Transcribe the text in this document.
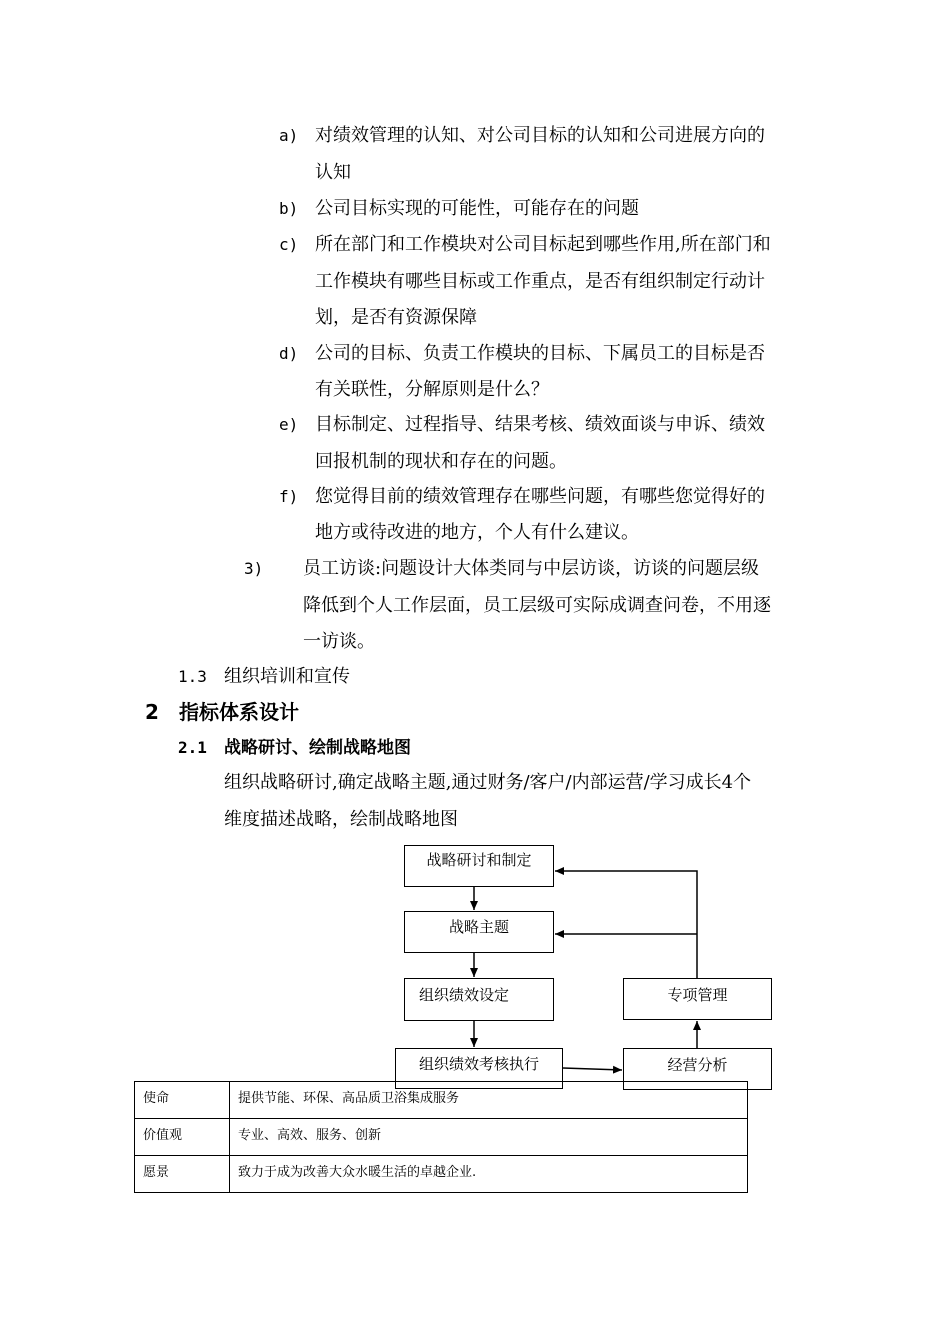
a) 对绩效管理的认知、对公司目标的认知和公司进展方向的
认知
b) 公司目标实现的可能性，可能存在的问题
c) 所在部门和工作模块对公司目标起到哪些作用,所在部门和
工作模块有哪些目标或工作重点，是否有组织制定行动计
划，是否有资源保障
d) 公司的目标、负责工作模块的目标、下属员工的目标是否
有关联性，分解原则是什么？
e) 目标制定、过程指导、结果考核、绩效面谈与申诉、绩效
回报机制的现状和存在的问题。
f) 您觉得目前的绩效管理存在哪些问题，有哪些您觉得好的
地方或待改进的地方，个人有什么建议。
3) 员工访谈:问题设计大体类同与中层访谈，访谈的问题层级
降低到个人工作层面，员工层级可实际成调查问卷，不用逐
一访谈。
1.3 组织培训和宣传
2 指标体系设计
2.1 战略研讨、绘制战略地图
组织战略研讨,确定战略主题,通过财务/客户/内部运营/学习成长4个
维度描述战略，绘制战略地图
战略研讨和制定
战略主题
组织绩效设定
组织绩效考核执行	经营分析
专项管理
使命	提供节能、环保、高品质卫浴集成服务
价值观	专业、高效、服务、创新
愿景	致力于成为改善大众水暖生活的卓越企业.
